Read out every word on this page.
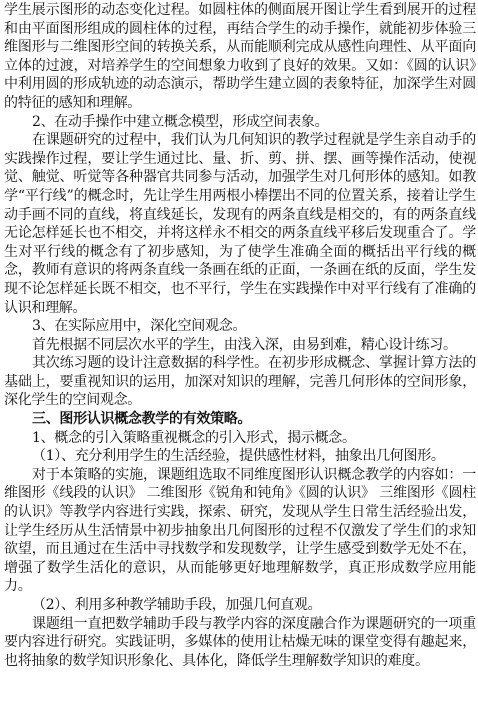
学生展示图形的动态变化过程。如圆柱体的侧面展开图让学生看到展开的过程和由平面图形组成的圆柱体的过程，再结合学生的动手操作，就能初步体验三维图形与二维图形空间的转换关系，从而能顺利完成从感性向理性、从平面向立体的过渡，对培养学生的空间想象力收到了良好的效果。又如：《圆的认识》中利用圆的形成轨迹的动态演示，帮助学生建立圆的表象特征，加深学生对圆的特征的感知和理解。

2、在动手操作中建立概念模型，形成空间表象。

在课题研究的过程中，我们认为几何知识的教学过程就是学生亲自动手的实践操作过程，要让学生通过比、量、折、剪、拼、摆、画等操作活动，使视觉、触觉、听觉等各种器官共同参与活动，加强学生对几何形体的感知。如教学“平行线”的概念时，先让学生用两根小棒摆出不同的位置关系，接着让学生动手画不同的直线，将直线延长，发现有的两条直线是相交的，有的两条直线无论怎样延长也不相交，并将这样永不相交的两条直线平移后发现重合了。学生对平行线的概念有了初步感知，为了使学生准确全面的概括出平行线的概念，教师有意识的将两条直线一条画在纸的正面，一条画在纸的反面，学生发现不论怎样延长既不相交，也不平行，学生在实践操作中对平行线有了准确的认识和理解。

3、在实际应用中，深化空间观念。

首先根据不同层次水平的学生，由浅入深，由易到难，精心设计练习。

其次练习题的设计注意数据的科学性。在初步形成概念、掌握计算方法的基础上，要重视知识的运用，加深对知识的理解，完善几何形体的空间形象，深化学生的空间观念。

三、图形认识概念教学的有效策略。

1、概念的引入策略重视概念的引入形式，揭示概念。

（1）、充分利用学生的生活经验，提供感性材料，抽象出几何图形。

对于本策略的实施，课题组选取不同维度图形认识概念教学的内容如：一维图形《线段的认识》 二维图形《锐角和钝角》《圆的认识》 三维图形《圆柱的认识》等教学内容进行实践，探索、研究，发现从学生日常生活经验出发，让学生经历从生活情景中初步抽象出几何图形的过程不仅激发了学生们的求知欲望，而且通过在生活中寻找数学和发现数学，让学生感受到数学无处不在，增强了数学生活化的意识，从而能够更好地理解数学，真正形成数学应用能力。

（2）、利用多种教学辅助手段，加强几何直观。

课题组一直把数学辅助手段与教学内容的深度融合作为课题研究的一项重要内容进行研究。实践证明，多媒体的使用让枯燥无味的课堂变得有趣起来，也将抽象的数学知识形象化、具体化，降低学生理解数学知识的难度。
